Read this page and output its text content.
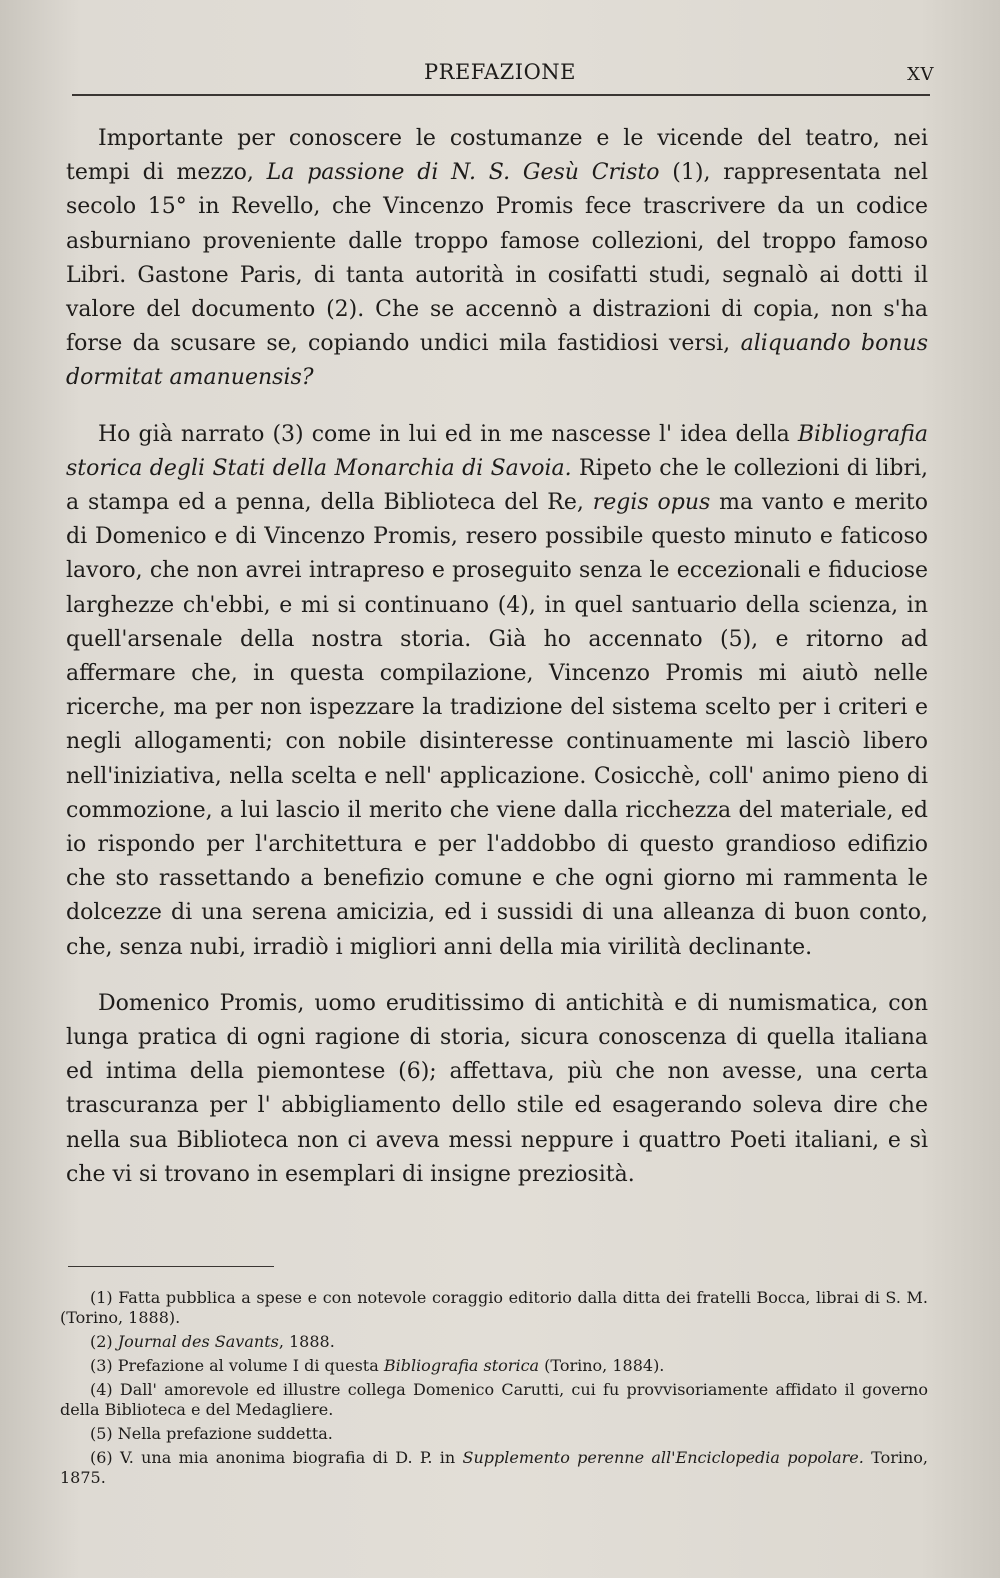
PREFAZIONE	XV

Importante per conoscere le costumanze e le vicende del teatro, nei tempi di mezzo, La passione di N. S. Gesù Cristo (1), rappresentata nel secolo 15° in Revello, che Vincenzo Promis fece trascrivere da un codice asburniano proveniente dalle troppo famose collezioni, del troppo famoso Libri. Gastone Paris, di tanta autorità in cosifatti studi, segnalò ai dotti il valore del documento (2). Che se accennò a distrazioni di copia, non s'ha forse da scusare se, copiando undici mila fastidiosi versi, aliquando bonus dormitat amanuensis?

Ho già narrato (3) come in lui ed in me nascesse l' idea della Bibliografia storica degli Stati della Monarchia di Savoia. Ripeto che le collezioni di libri, a stampa ed a penna, della Biblioteca del Re, regis opus ma vanto e merito di Domenico e di Vincenzo Promis, resero possibile questo minuto e faticoso lavoro, che non avrei intrapreso e proseguito senza le eccezionali e fiduciose larghezze ch'ebbi, e mi si continuano (4), in quel santuario della scienza, in quell'arsenale della nostra storia. Già ho accennato (5), e ritorno ad affermare che, in questa compilazione, Vincenzo Promis mi aiutò nelle ricerche, ma per non ispezzare la tradizione del sistema scelto per i criteri e negli allogamenti; con nobile disinteresse continuamente mi lasciò libero nell'iniziativa, nella scelta e nell' applicazione. Cosicchè, coll' animo pieno di commozione, a lui lascio il merito che viene dalla ricchezza del materiale, ed io rispondo per l'architettura e per l'addobbo di questo grandioso edifizio che sto rassettando a benefizio comune e che ogni giorno mi rammenta le dolcezze di una serena amicizia, ed i sussidi di una alleanza di buon conto, che, senza nubi, irradiò i migliori anni della mia virilità declinante.

Domenico Promis, uomo eruditissimo di antichità e di numismatica, con lunga pratica di ogni ragione di storia, sicura conoscenza di quella italiana ed intima della piemontese (6); affettava, più che non avesse, una certa trascuranza per l' abbigliamento dello stile ed esagerando soleva dire che nella sua Biblioteca non ci aveva messi neppure i quattro Poeti italiani, e sì che vi si trovano in esemplari di insigne preziosità.

(1) Fatta pubblica a spese e con notevole coraggio editorio dalla ditta dei fratelli Bocca, librai di S. M. (Torino, 1888).

(2) Journal des Savants, 1888.

(3) Prefazione al volume I di questa Bibliografia storica (Torino, 1884).

(4) Dall' amorevole ed illustre collega Domenico Carutti, cui fu provvisoriamente affidato il governo della Biblioteca e del Medagliere.

(5) Nella prefazione suddetta.

(6) V. una mia anonima biografia di D. P. in Supplemento perenne all'Enciclopedia popolare. Torino, 1875.
